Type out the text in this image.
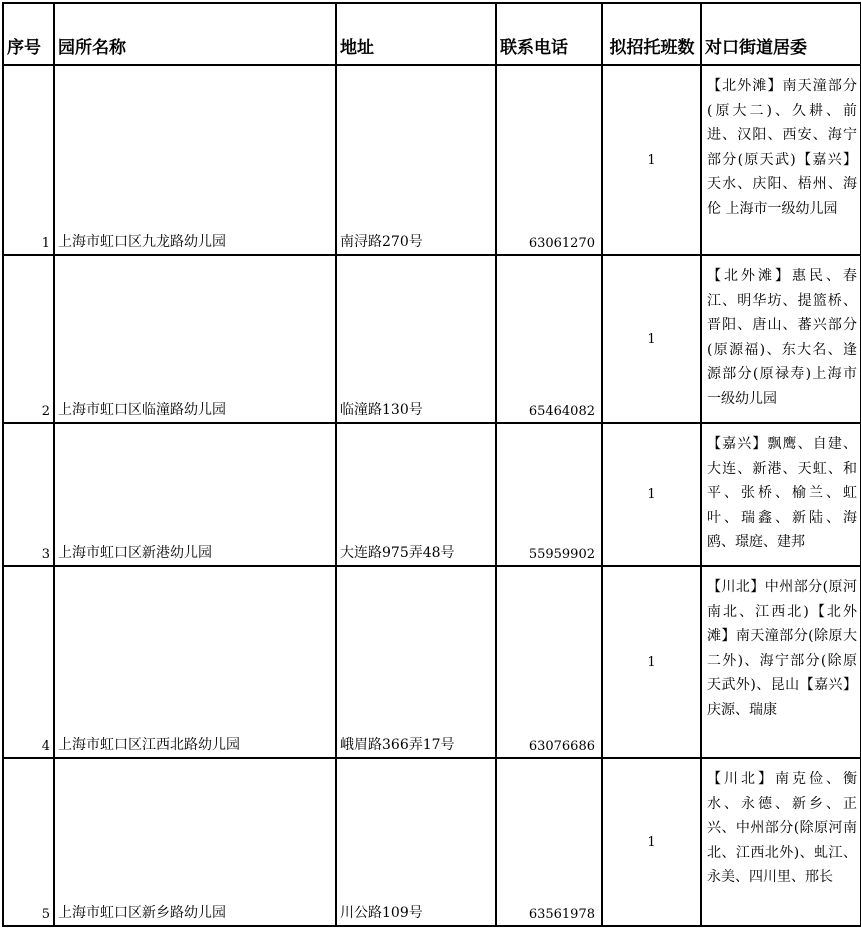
序号	园所名称	地址	联系电话	拟招托班数	对口街道居委
1	上海市虹口区九龙路幼儿园	南浔路270号	63061270	1	【北外滩】南天潼部分(原大二)、久耕、前进、汉阳、西安、海宁部分(原天武)【嘉兴】天水、庆阳、梧州、海伦 上海市一级幼儿园
2	上海市虹口区临潼路幼儿园	临潼路130号	65464082	1	【北外滩】惠民、春江、明华坊、提篮桥、晋阳、唐山、蕃兴部分(原源福)、东大名、逢源部分(原禄寿)上海市一级幼儿园
3	上海市虹口区新港幼儿园	大连路975弄48号	55959902	1	【嘉兴】飘鹰、自建、大连、新港、天虹、和平、张桥、榆兰、虹叶、瑞鑫、新陆、海鸥、璟庭、建邦
4	上海市虹口区江西北路幼儿园	峨眉路366弄17号	63076686	1	【川北】中州部分(原河南北、江西北)【北外滩】南天潼部分(除原大二外)、海宁部分(除原天武外)、昆山【嘉兴】庆源、瑞康
5	上海市虹口区新乡路幼儿园	川公路109号	63561978	1	【川北】南克俭、衡水、永德、新乡、正兴、中州部分(除原河南北、江西北外)、虬江、永美、四川里、邢长
